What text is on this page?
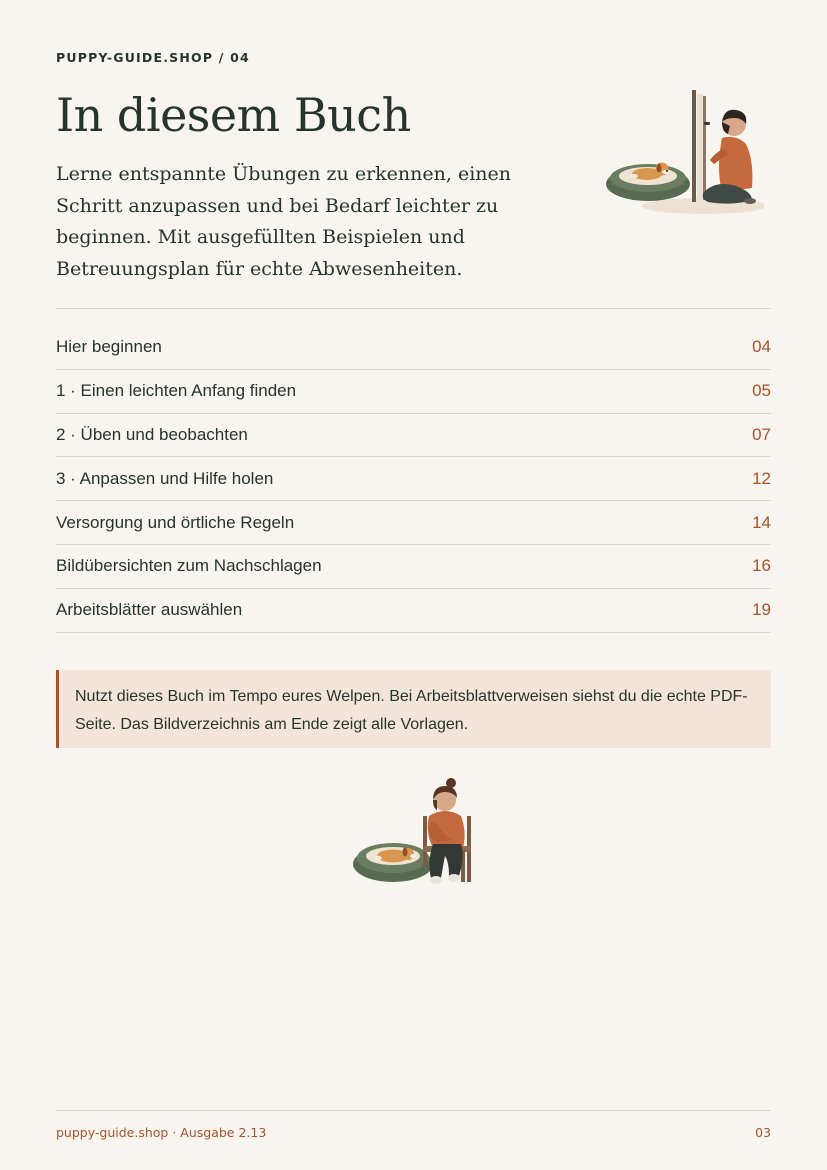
PUPPY-GUIDE.SHOP / 04
In diesem Buch

Lerne entspannte Übungen zu erkennen, einen Schritt anzupassen und bei Bedarf leichter zu beginnen. Mit ausgefüllten Beispielen und Betreuungsplan für echte Abwesenheiten.

Hier beginnen	04
1 · Einen leichten Anfang finden	05
2 · Üben und beobachten	07
3 · Anpassen und Hilfe holen	12
Versorgung und örtliche Regeln	14
Bildübersichten zum Nachschlagen	16
Arbeitsblätter auswählen	19
Nutzt dieses Buch im Tempo eures Welpen. Bei Arbeitsblattverweisen siehst du die echte PDF-Seite. Das Bildverzeichnis am Ende zeigt alle Vorlagen.
puppy-guide.shop · Ausgabe 2.13	03
